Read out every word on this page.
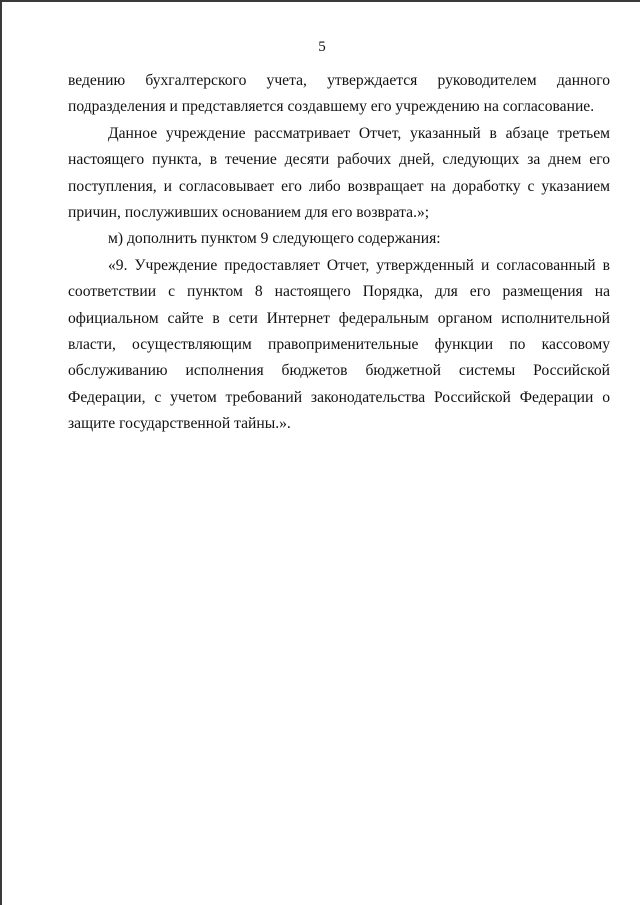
5

ведению бухгалтерского учета, утверждается руководителем данного подразделения и представляется создавшему его учреждению на согласование.

Данное учреждение рассматривает Отчет, указанный в абзаце третьем настоящего пункта, в течение десяти рабочих дней, следующих за днем его поступления, и согласовывает его либо возвращает на доработку с указанием причин, послуживших основанием для его возврата.»;

м) дополнить пунктом 9 следующего содержания:

«9. Учреждение предоставляет Отчет, утвержденный и согласованный в соответствии с пунктом 8 настоящего Порядка, для его размещения на официальном сайте в сети Интернет федеральным органом исполнительной власти, осуществляющим правоприменительные функции по кассовому обслуживанию исполнения бюджетов бюджетной системы Российской Федерации, с учетом требований законодательства Российской Федерации о защите государственной тайны.».
